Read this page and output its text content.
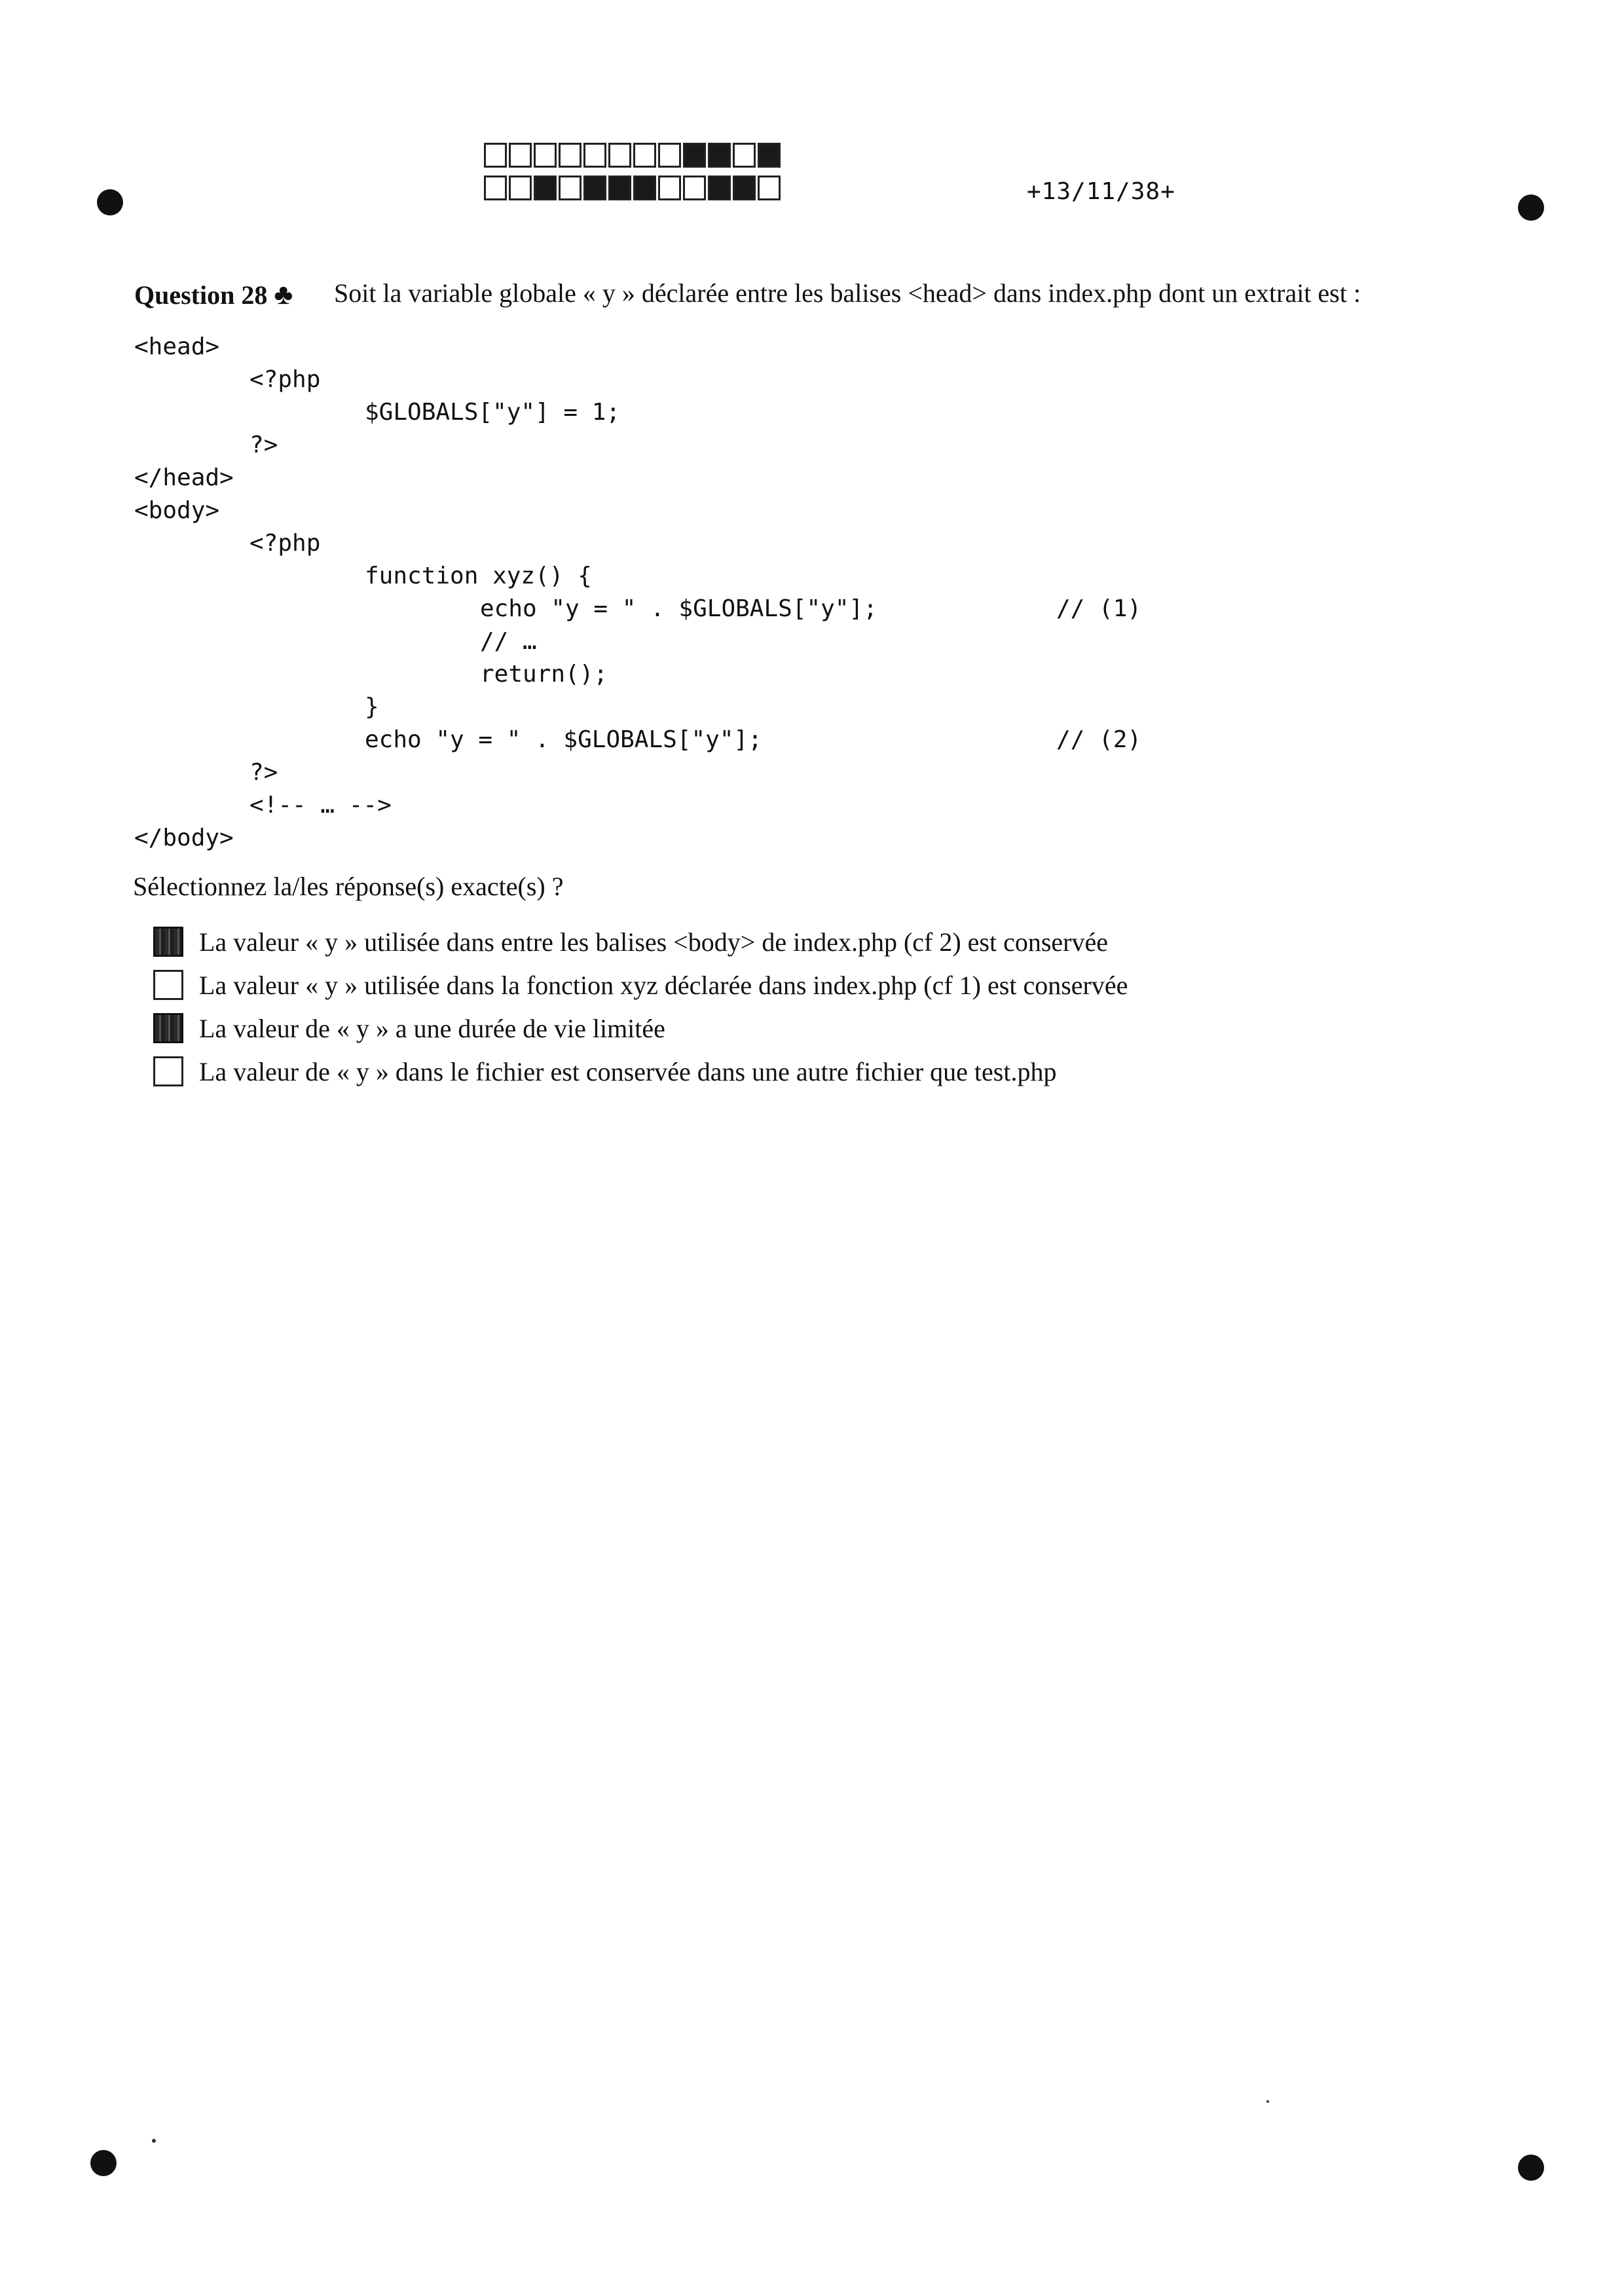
+13/11/38+
Question 28 ♣ Soit la variable globale « y » déclarée entre les balises <head> dans index.php dont un extrait est :
<head>
	<?php
		$GLOBALS["y"] = 1;
	?>
</head>
<body>
	<?php
		function xyz() {
			echo "y = " . $GLOBALS["y"];		// (1)
			// …
			return();
		}
		echo "y = " . $GLOBALS["y"];			// (2)
	?>
	<!-- … -->
</body>
Sélectionnez la/les réponse(s) exacte(s) ?
La valeur « y » utilisée dans entre les balises <body> de index.php (cf 2) est conservée
La valeur « y » utilisée dans la fonction xyz déclarée dans index.php (cf 1) est conservée
La valeur de « y » a une durée de vie limitée
La valeur de « y » dans le fichier est conservée dans une autre fichier que test.php
